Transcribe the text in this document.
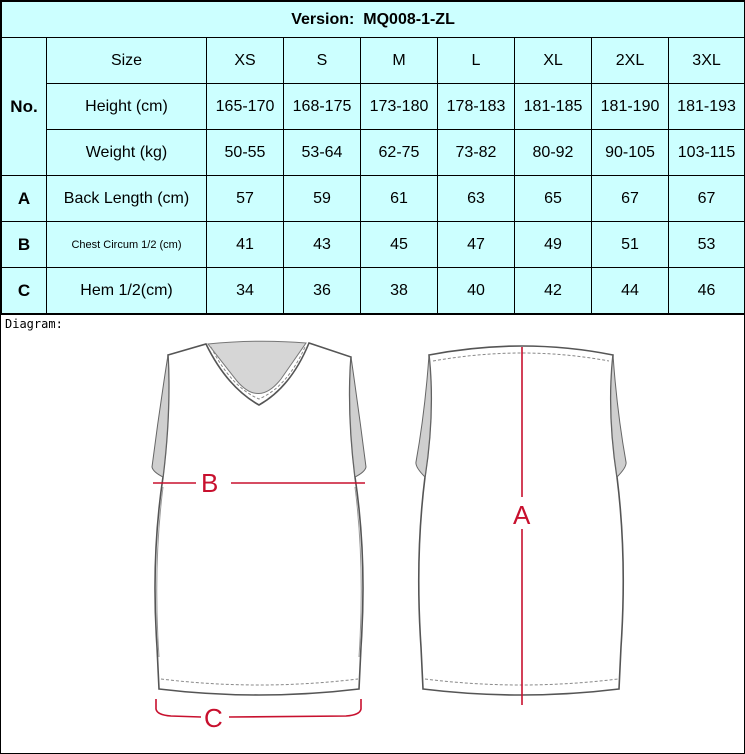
Version: MQ008-1-ZL								
No.	Size	XS	S	M	L	XL	2XL	3XL
	Height (cm)	165-170	168-175	173-180	178-183	181-185	181-190	181-193
	Weight (kg)	50-55	53-64	62-75	73-82	80-92	90-105	103-115
A	Back Length (cm)	57	59	61	63	65	67	67
B	Chest Circum 1/2 (cm)	41	43	45	47	49	51	53
C	Hem 1/2(cm)	34	36	38	40	42	44	46
Diagram:
B
C
A
